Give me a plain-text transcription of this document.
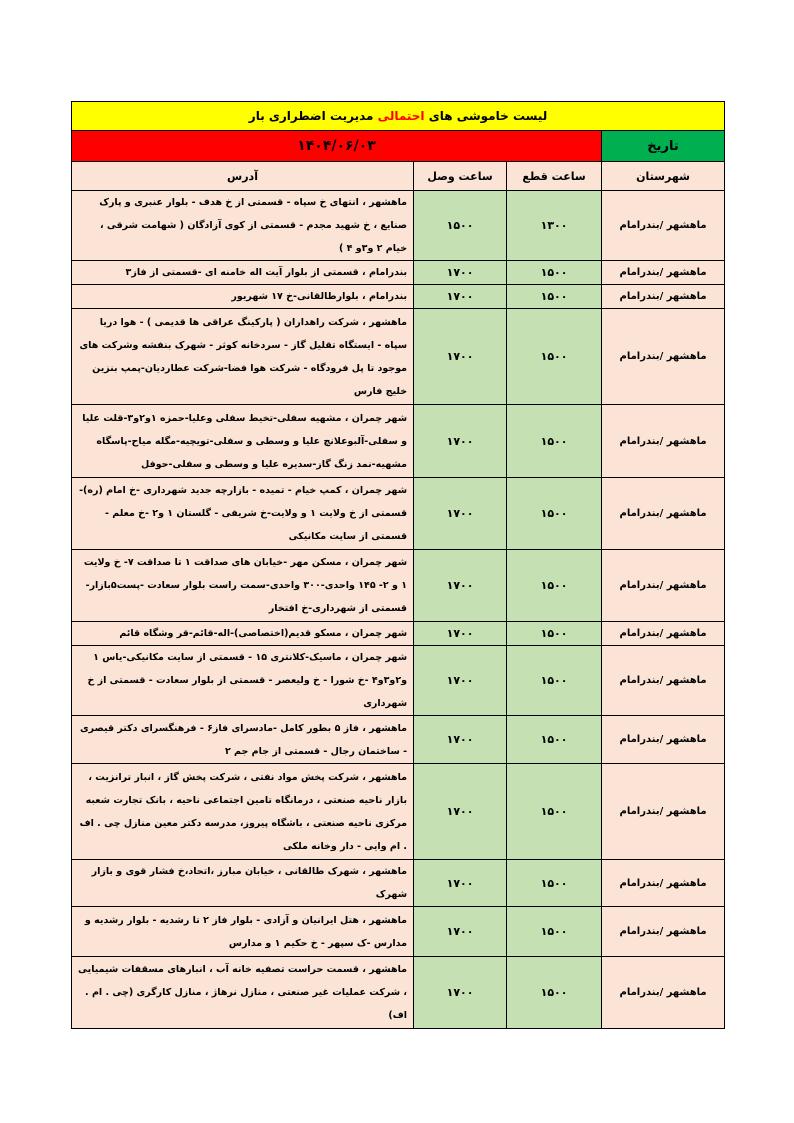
لیست خاموشی های احتمالی مدیریت اضطراری بار			
تاریخ	۱۴۰۴/۰۶/۰۳		
شهرستان	ساعت قطع	ساعت وصل	آدرس
ماهشهر /بندرامام	۱۳۰۰	۱۵۰۰	ماهشهر ، انتهای خ سپاه - قسمتی از خ هدف - بلوار عنبری و پارک صنایع ، خ شهید مجدم - قسمتی از کوی آزادگان ( شهامت شرقی ، خیام ۲ و۳و ۴ )
ماهشهر /بندرامام	۱۵۰۰	۱۷۰۰	بندرامام ، قسمتی از بلوار آیت اله خامنه ای -قسمتی از فاز۳
ماهشهر /بندرامام	۱۵۰۰	۱۷۰۰	بندرامام ، بلوارطالقانی-خ ۱۷ شهریور
ماهشهر /بندرامام	۱۵۰۰	۱۷۰۰	ماهشهر ، شرکت راهداران ( پارکینگ عراقی ها قدیمی ) - هوا دریا سپاه - ایستگاه تقلیل گاز - سردخانه کوثر - شهرک بنفشه وشرکت های موجود تا پل فرودگاه - شرکت هوا فضا-شرکت عطاردیان-پمپ بنزین خلیج فارس
ماهشهر /بندرامام	۱۵۰۰	۱۷۰۰	شهر چمران ، مشهیه سفلی-تخیط سفلی وعلیا-حمزه ۱و۲و۳-قلت علیا و سفلی-آلبوعلانچ علیا و وسطی و سفلی-تویچیه-مگله میاح-پاسگاه مشهیه-نمد زنگ گاز-سدیره علیا و وسطی و سفلی-حوفل
ماهشهر /بندرامام	۱۵۰۰	۱۷۰۰	شهر چمران ، کمپ خیام - تمیده - بازارچه جدید شهرداری -خ امام (ره)- قسمتی از خ ولایت ۱ و ولایت-خ شریفی - گلستان ۱ و۲ -خ معلم - قسمتی از سایت مکانیکی
ماهشهر /بندرامام	۱۵۰۰	۱۷۰۰	شهر چمران ، مسکن مهر -خیابان های صداقت ۱ تا صداقت ۷- خ ولایت ۱ و ۲- ۱۴۵ واحدی-۳۰۰ واحدی-سمت راست بلوار سعادت -پست۵بازار-قسمتی از شهرداری-خ افتخار
ماهشهر /بندرامام	۱۵۰۰	۱۷۰۰	شهر چمران ، مسکو قدیم(اختصاصی)-اله-قائم-قر وشگاه قائم
ماهشهر /بندرامام	۱۵۰۰	۱۷۰۰	شهر چمران ، ماسیک-کلانتری ۱۵ - قسمتی از سایت مکانیکی-یاس ۱ و۲و۳و۴ -خ شورا - خ ولیعصر - قسمتی از بلوار سعادت - قسمتی از خ شهرداری
ماهشهر /بندرامام	۱۵۰۰	۱۷۰۰	ماهشهر ، فاز ۵ بطور کامل -مادسرای فاز۶ - فرهنگسرای دکتر قیصری - ساختمان رجال - قسمتی از جام جم ۲
ماهشهر /بندرامام	۱۵۰۰	۱۷۰۰	ماهشهر ، شرکت پخش مواد نفتی ، شرکت پخش گاز ، انبار ترانزیت ، بازار ناحیه صنعتی ، درمانگاه تامین اجتماعی ناحیه ، بانک تجارت شعبه مرکزی ناحیه صنعتی ، باشگاه پیروز، مدرسه دکتر معین منازل چی . اف . ام وایی - دار وخانه ملکی
ماهشهر /بندرامام	۱۵۰۰	۱۷۰۰	ماهشهر ، شهرک طالقانی ، خیابان مبارز ،اتحاد،خ فشار قوی و بازار شهرک
ماهشهر /بندرامام	۱۵۰۰	۱۷۰۰	ماهشهر ، هتل ایرانیان و آزادی - بلوار فاز ۲ تا رشدیه - بلوار رشدیه و مدارس -ک سپهر - خ حکیم ۱ و مدارس
ماهشهر /بندرامام	۱۵۰۰	۱۷۰۰	ماهشهر ، قسمت حراست تصفیه خانه آب ، انبارهای مسقفات شیمیایی ، شرکت عملیات غیر صنعتی ، منازل نرهاژ ، منازل کارگری (چی . ام . اف)
